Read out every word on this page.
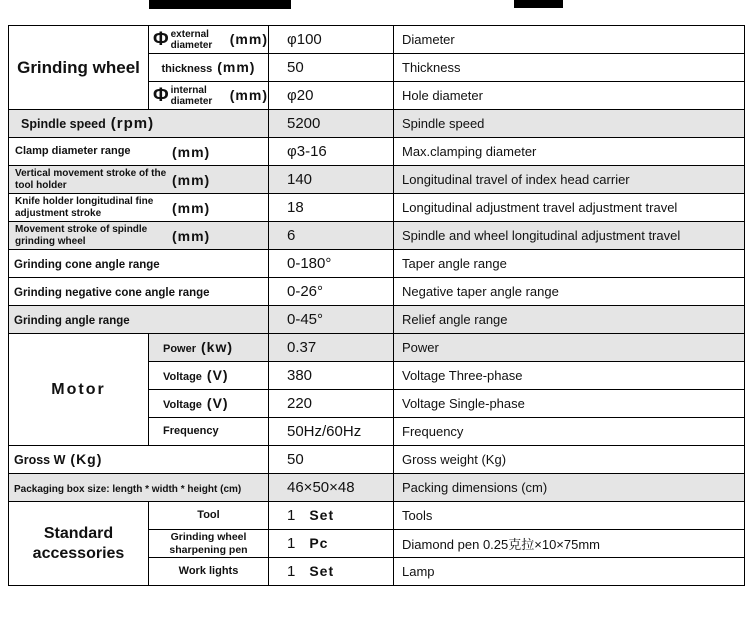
Grinding wheel	Φ external diameter (mm)	φ100	Diameter
	thickness (mm)	50	Thickness

	Φ internal diameter (mm)	φ20	Hole diameter
Spindle speed (rpm)		5200	Spindle speed

Clamp diameter range (mm)		φ3-16	Max.clamping diameter

Vertical movement stroke of the tool holder (mm)		140	Longitudinal travel of index head carrier

Knife holder longitudinal fine adjustment stroke (mm)		18	Longitudinal adjustment travel adjustment travel

Movement stroke of spindle grinding wheel (mm)		6	Spindle and wheel longitudinal adjustment travel
Grinding cone angle range		0-180°	Taper angle range
Grinding negative cone angle range		0-26°	Negative taper angle range
Grinding angle range		0-45°	Relief angle range
Motor	Power (kw)	0.37	Power
	Voltage (V)	380	Voltage Three-phase
	Voltage (V)	220	Voltage Single-phase
	Frequency	50Hz/60Hz	Frequency
Gross W (Kg)		50	Gross weight (Kg)
Packaging box size: length * width * height (cm)		46×50×48	Packing dimensions (cm)
Standard accessories	Tool	1 Set	Tools
	Grinding wheel sharpening pen	1 Pc	Diamond pen 0.25克拉×10×75mm
	Work lights	1 Set	Lamp
